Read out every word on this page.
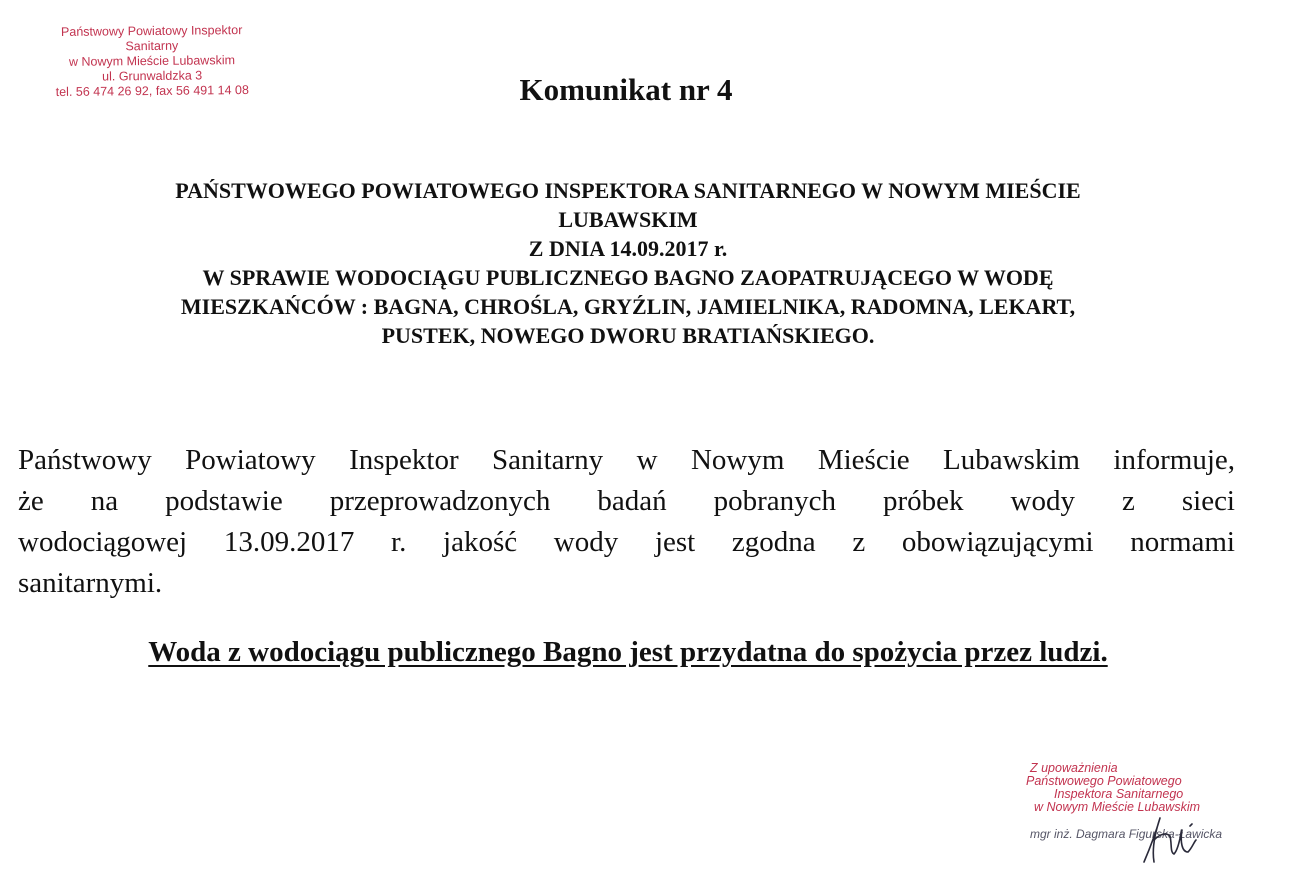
Państwowy Powiatowy Inspektor
Sanitarny
w Nowym Mieście Lubawskim
ul. Grunwaldzka 3
tel. 56 474 26 92, fax 56 491 14 08	Komunikat nr 4
PAŃSTWOWEGO POWIATOWEGO INSPEKTORA SANITARNEGO W NOWYM MIEŚCIE
LUBAWSKIM
Z DNIA 14.09.2017 r.
W SPRAWIE WODOCIĄGU PUBLICZNEGO BAGNO ZAOPATRUJĄCEGO W WODĘ
MIESZKAŃCÓW : BAGNA, CHROŚLA, GRYŹLIN, JAMIELNIKA, RADOMNA, LEKART,
PUSTEK, NOWEGO DWORU BRATIAŃSKIEGO.
Państwowy Powiatowy Inspektor Sanitarny w Nowym Mieście Lubawskim informuje,
że na podstawie przeprowadzonych badań pobranych próbek wody z sieci
wodociągowej 13.09.2017 r. jakość wody jest zgodna z obowiązującymi normami
sanitarnymi.
Woda z wodociągu publicznego Bagno jest przydatna do spożycia przez ludzi.
Z upoważnienia
Państwowego Powiatowego
Inspektora Sanitarnego
w Nowym Mieście Lubawskim
mgr inż. Dagmara Figurska-Ławicka
